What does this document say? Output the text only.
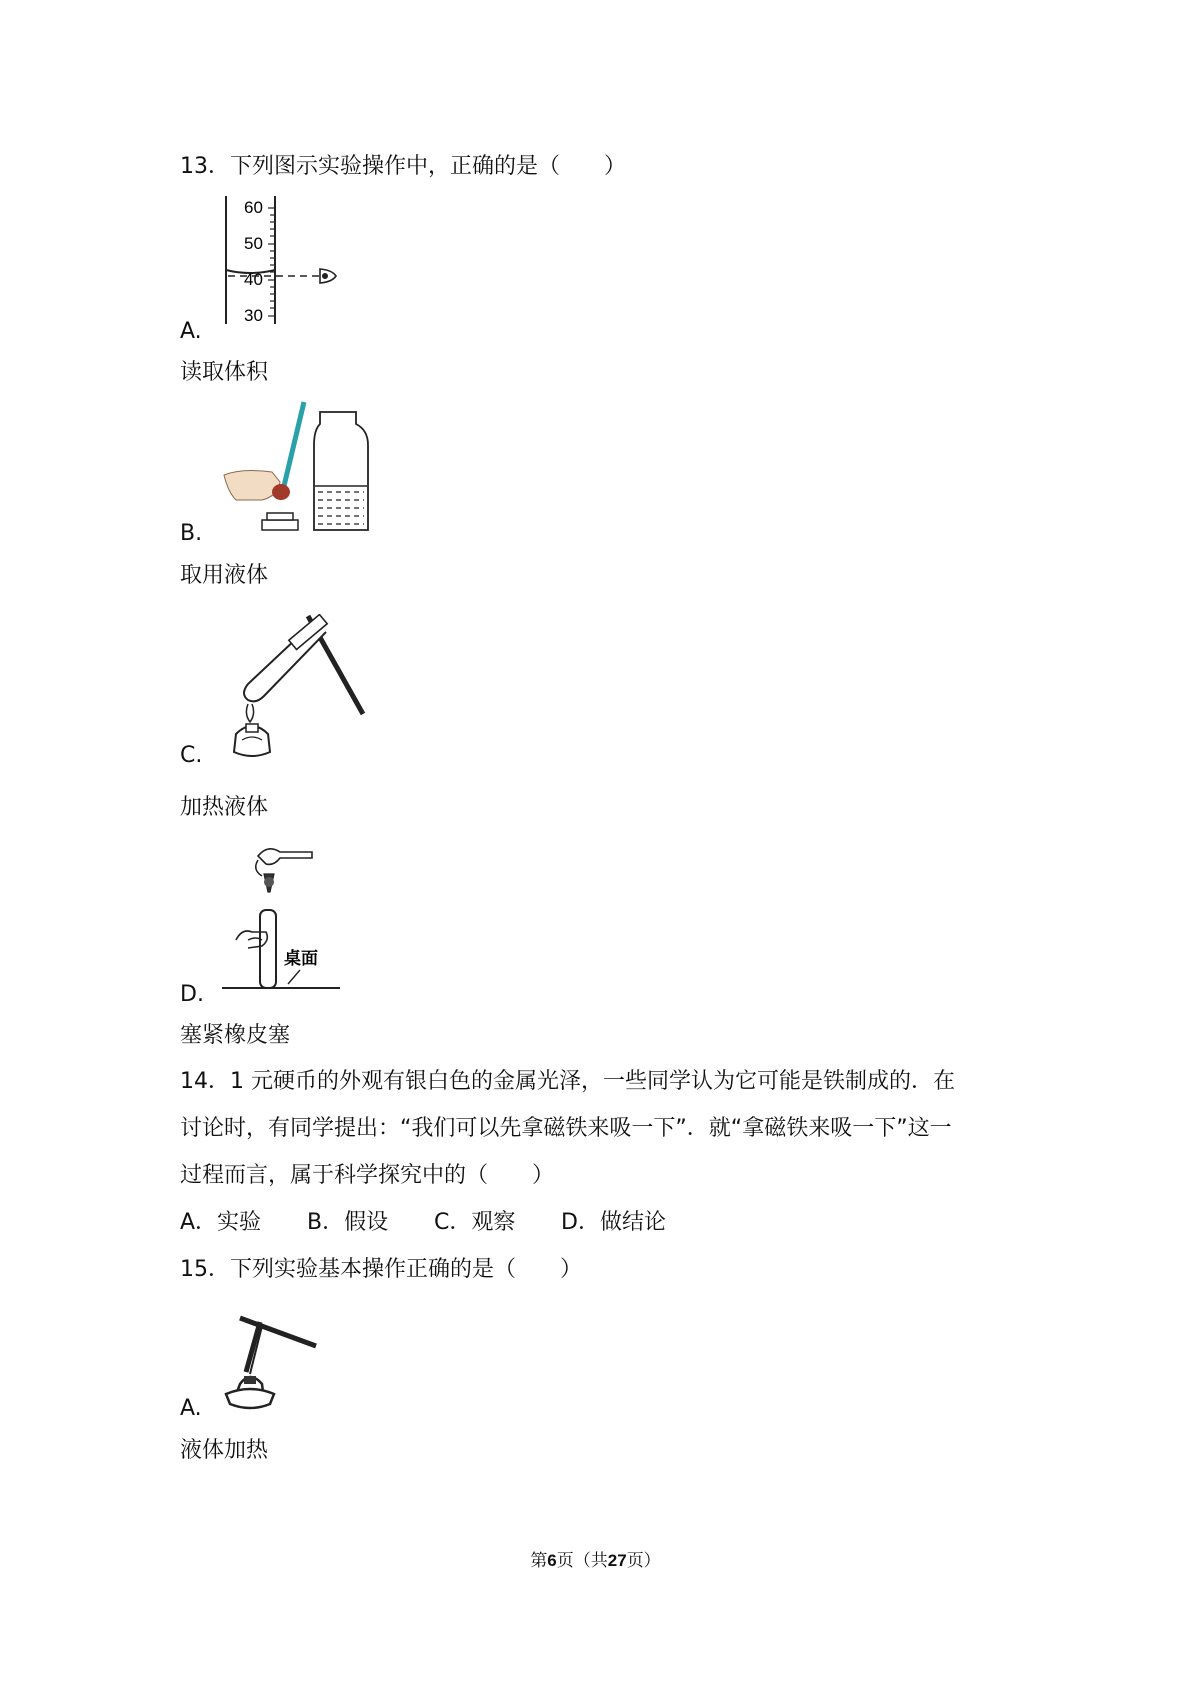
13．下列图示实验操作中，正确的是（　　）
60
50
40
30
A.
读取体积
B.
取用液体
C.
加热液体
桌面
D.
塞紧橡皮塞
14．1 元硬币的外观有银白色的金属光泽，一些同学认为它可能是铁制成的．在
讨论时，有同学提出：“我们可以先拿磁铁来吸一下”．就“拿磁铁来吸一下”这一
过程而言，属于科学探究中的（　　）
A．实验 B．假设 C．观察 D．做结论
15．下列实验基本操作正确的是（　　）
A.
液体加热
第6页（共27页）
